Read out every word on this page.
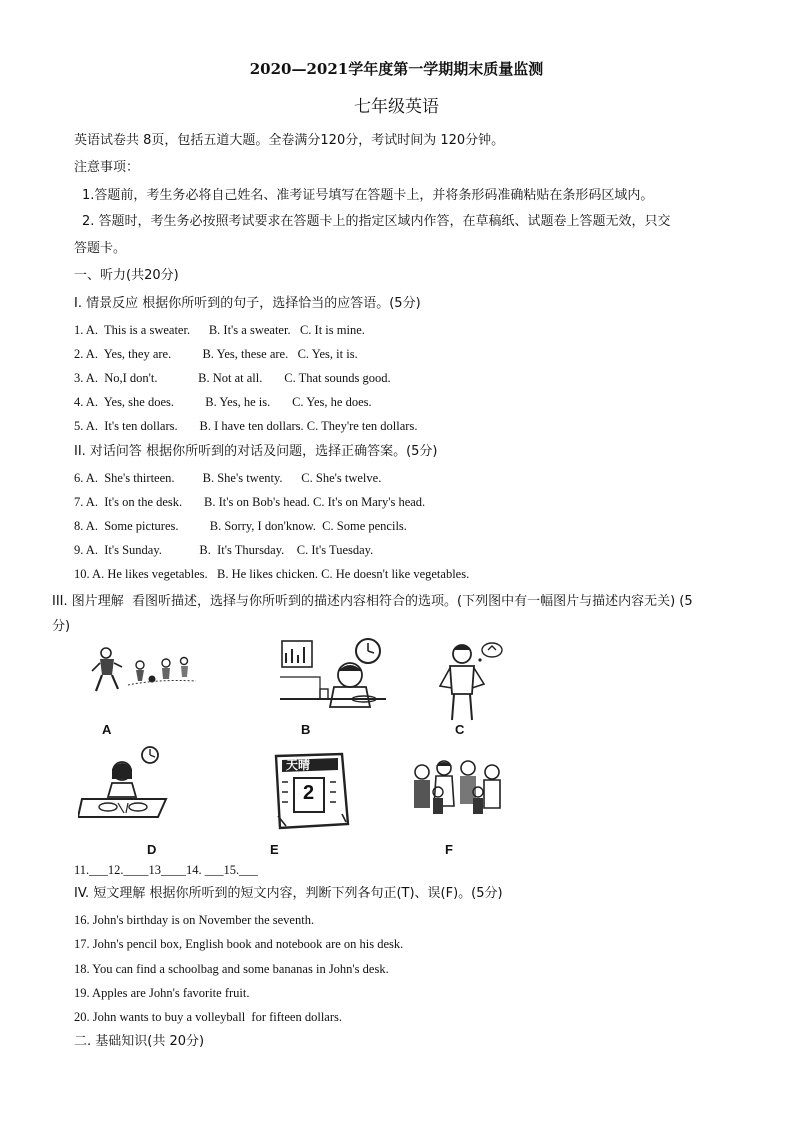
2020—2021学年度第一学期期末质量监测
七年级英语
英语试卷共 8页，包括五道大题。全卷满分120分，考试时间为 120分钟。
注意事项：
1.答题前，考生务必将自己姓名、准考证号填写在答题卡上，并将条形码准确粘贴在条形码区域内。
2. 答题时，考生务必按照考试要求在答题卡上的指定区域内作答，在草稿纸、试题卷上答题无效，只交
答题卡。
一、听力(共20分)
I. 情景反应 根据你所听到的句子，选择恰当的应答语。(5分)
1. A.  This is a sweater.      B. It's a sweater.   C. It is mine.
2. A.  Yes, they are.          B. Yes, these are.   C. Yes, it is.
3. A.  No,I don't.             B. Not at all.       C. That sounds good.
4. A.  Yes, she does.          B. Yes, he is.       C. Yes, he does.
5. A.  It's ten dollars.       B. I have ten dollars. C. They're ten dollars.
II. 对话问答 根据你所听到的对话及问题，选择正确答案。(5分)
6. A.  She's thirteen.         B. She's twenty.      C. She's twelve.
7. A.  It's on the desk.       B. It's on Bob's head. C. It's on Mary's head.
8. A.  Some pictures.          B. Sorry, I don'know.  C. Some pencils.
9. A.  It's Sunday.            B.  It's Thursday.    C. It's Tuesday.
10. A. He likes vegetables.   B. He likes chicken. C. He doesn't like vegetables.
III. 图片理解  看图听描述，选择与你所听到的描述内容相符合的选项。(下列图中有一幅图片与描述内容无关) (5
分)
A	B	C
D
天晴
2
E	F
11.___12.____13____14. ___15.___
IV. 短文理解 根据你所听到的短文内容，判断下列各句正(T)、误(F)。(5分)
16. John's birthday is on November the seventh.
17. John's pencil box, English book and notebook are on his desk.
18. You can find a schoolbag and some bananas in John's desk.
19. Apples are John's favorite fruit.
20. John wants to buy a volleyball  for fifteen dollars.
二. 基础知识(共 20分)
